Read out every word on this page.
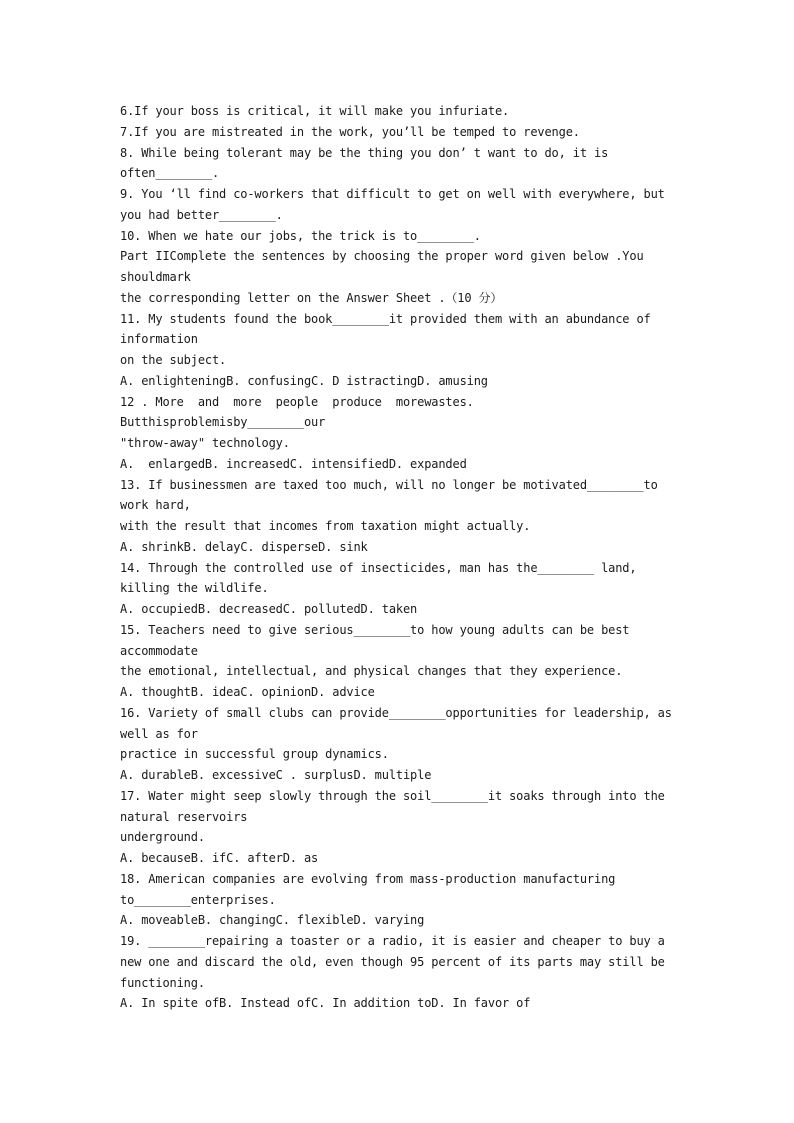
6.If your boss is critical, it will make you infuriate.
7.If you are mistreated in the work, you’ll be temped to revenge.
8. While being tolerant may be the thing you don’ t want to do, it is
often________.
9. You ‘ll find co-workers that difficult to get on well with everywhere, but
you had better________.
10. When we hate our jobs, the trick is to________.
Part IIComplete the sentences by choosing the proper word given below .You
shouldmark
the corresponding letter on the Answer Sheet .（10 分）
11. My students found the book________it provided them with an abundance of
information
on the subject.
A. enlighteningB. confusingC. D istractingD. amusing
12 . More  and  more  people  produce  morewastes.
Butthisproblemisby________our
"throw-away" technology.
A.  enlargedB. increasedC. intensifiedD. expanded
13. If businessmen are taxed too much, will no longer be motivated________to
work hard,
with the result that incomes from taxation might actually.
A. shrinkB. delayC. disperseD. sink
14. Through the controlled use of insecticides, man has the________ land,
killing the wildlife.
A. occupiedB. decreasedC. pollutedD. taken
15. Teachers need to give serious________to how young adults can be best
accommodate
the emotional, intellectual, and physical changes that they experience.
A. thoughtB. ideaC. opinionD. advice
16. Variety of small clubs can provide________opportunities for leadership, as
well as for
practice in successful group dynamics.
A. durableB. excessiveC . surplusD. multiple
17. Water might seep slowly through the soil________it soaks through into the
natural reservoirs
underground.
A. becauseB. ifC. afterD. as
18. American companies are evolving from mass-production manufacturing
to________enterprises.
A. moveableB. changingC. flexibleD. varying
19. ________repairing a toaster or a radio, it is easier and cheaper to buy a
new one and discard the old, even though 95 percent of its parts may still be
functioning.
A. In spite ofB. Instead ofC. In addition toD. In favor of
